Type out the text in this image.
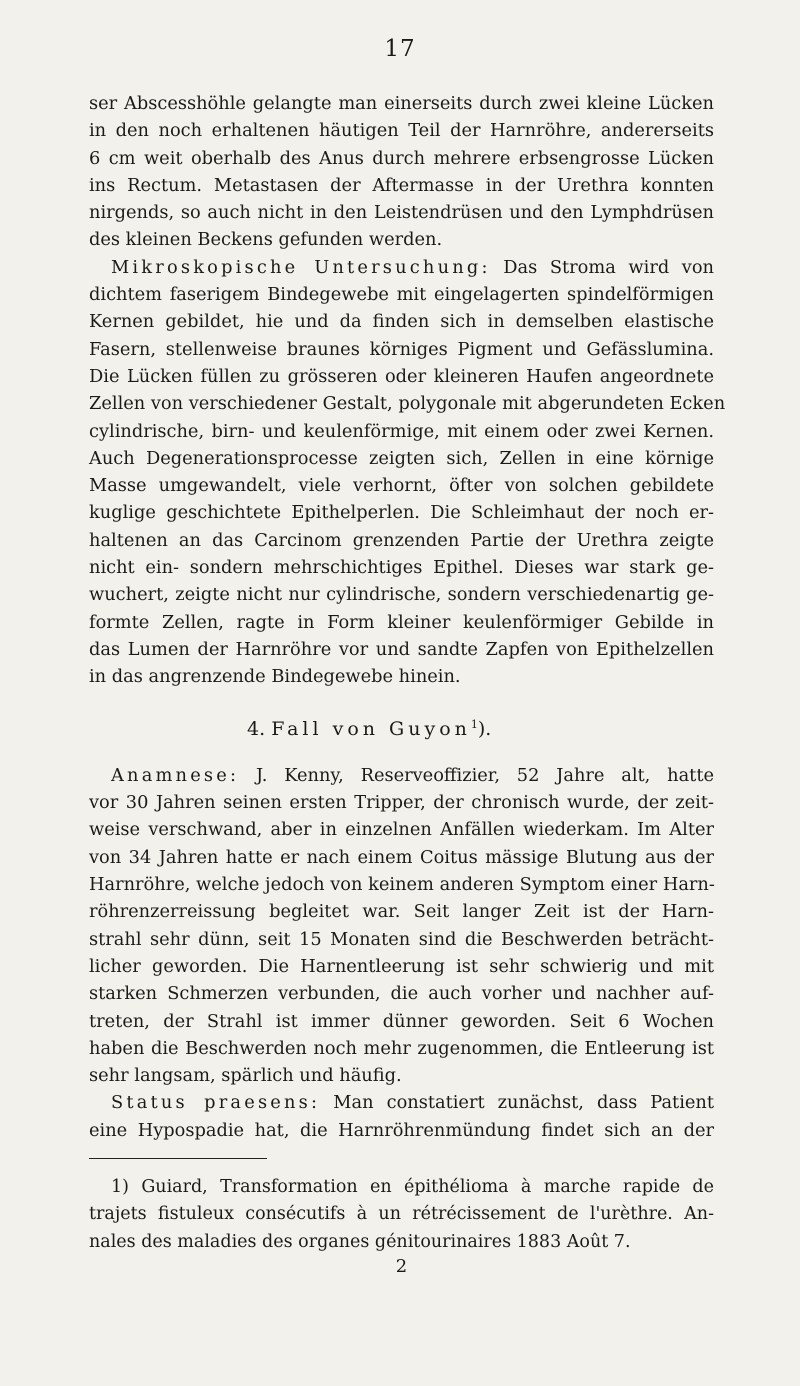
17
ser Abscesshöhle gelangte man einerseits durch zwei kleine Lücken
in den noch erhaltenen häutigen Teil der Harnröhre, andererseits
6 cm weit oberhalb des Anus durch mehrere erbsengrosse Lücken
ins Rectum. Metastasen der Aftermasse in der Urethra konnten
nirgends, so auch nicht in den Leistendrüsen und den Lymphdrüsen
des kleinen Beckens gefunden werden.
Mikroskopische Untersuchung: Das Stroma wird von
dichtem faserigem Bindegewebe mit eingelagerten spindelförmigen
Kernen gebildet, hie und da finden sich in demselben elastische
Fasern, stellenweise braunes körniges Pigment und Gefässlumina.
Die Lücken füllen zu grösseren oder kleineren Haufen angeordnete
Zellen von verschiedener Gestalt, polygonale mit abgerundeten Ecken
cylindrische, birn- und keulenförmige, mit einem oder zwei Kernen.
Auch Degenerationsprocesse zeigten sich, Zellen in eine körnige
Masse umgewandelt, viele verhornt, öfter von solchen gebildete
kuglige geschichtete Epithelperlen. Die Schleimhaut der noch er-
haltenen an das Carcinom grenzenden Partie der Urethra zeigte
nicht ein- sondern mehrschichtiges Epithel. Dieses war stark ge-
wuchert, zeigte nicht nur cylindrische, sondern verschiedenartig ge-
formte Zellen, ragte in Form kleiner keulenförmiger Gebilde in
das Lumen der Harnröhre vor und sandte Zapfen von Epithelzellen
in das angrenzende Bindegewebe hinein.
4. Fall von Guyon$^1$).
Anamnese: J. Kenny, Reserveoffizier, 52 Jahre alt, hatte
vor 30 Jahren seinen ersten Tripper, der chronisch wurde, der zeit-
weise verschwand, aber in einzelnen Anfällen wiederkam. Im Alter
von 34 Jahren hatte er nach einem Coitus mässige Blutung aus der
Harnröhre, welche jedoch von keinem anderen Symptom einer Harn-
röhrenzerreissung begleitet war. Seit langer Zeit ist der Harn-
strahl sehr dünn, seit 15 Monaten sind die Beschwerden beträcht-
licher geworden. Die Harnentleerung ist sehr schwierig und mit
starken Schmerzen verbunden, die auch vorher und nachher auf-
treten, der Strahl ist immer dünner geworden. Seit 6 Wochen
haben die Beschwerden noch mehr zugenommen, die Entleerung ist
sehr langsam, spärlich und häufig.
Status praesens: Man constatiert zunächst, dass Patient
eine Hypospadie hat, die Harnröhrenmündung findet sich an der
1) Guiard, Transformation en épithélioma à marche rapide de
trajets fistuleux consécutifs à un rétrécissement de l'urèthre. An-
nales des maladies des organes génitourinaires 1883 Août 7.
2
